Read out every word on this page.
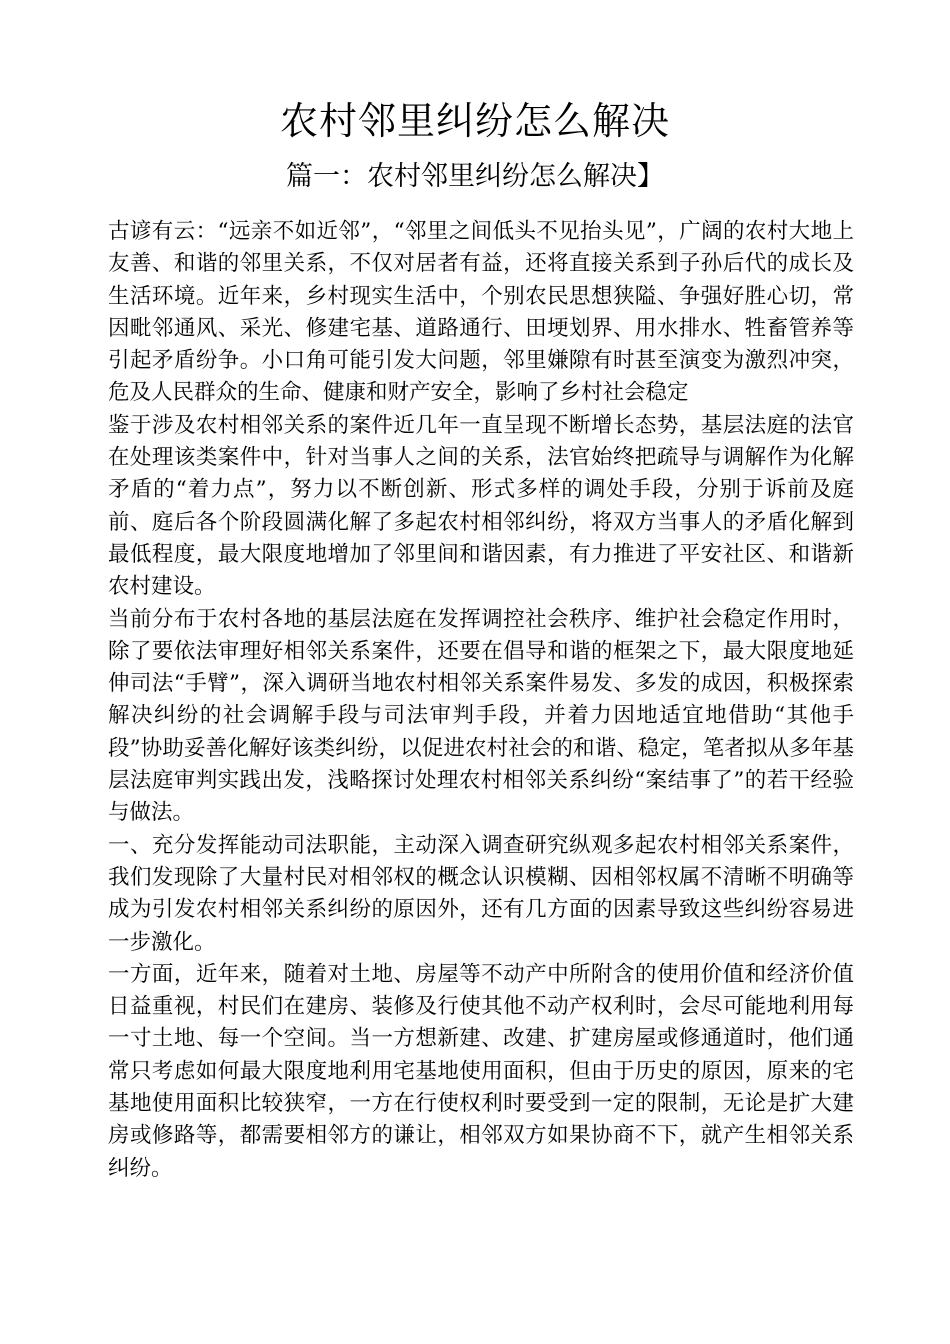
农村邻里纠纷怎么解决
篇一：农村邻里纠纷怎么解决】

古谚有云：“远亲不如近邻”，“邻里之间低头不见抬头见”，广阔的农村大地上友善、和谐的邻里关系，不仅对居者有益，还将直接关系到子孙后代的成长及生活环境。近年来，乡村现实生活中，个别农民思想狭隘、争强好胜心切，常因毗邻通风、采光、修建宅基、道路通行、田埂划界、用水排水、牲畜管养等引起矛盾纷争。小口角可能引发大问题，邻里嫌隙有时甚至演变为激烈冲突，危及人民群众的生命、健康和财产安全，影响了乡村社会稳定

鉴于涉及农村相邻关系的案件近几年一直呈现不断增长态势，基层法庭的法官在处理该类案件中，针对当事人之间的关系，法官始终把疏导与调解作为化解矛盾的“着力点”，努力以不断创新、形式多样的调处手段，分别于诉前及庭前、庭后各个阶段圆满化解了多起农村相邻纠纷，将双方当事人的矛盾化解到最低程度，最大限度地增加了邻里间和谐因素，有力推进了平安社区、和谐新农村建设。

当前分布于农村各地的基层法庭在发挥调控社会秩序、维护社会稳定作用时，除了要依法审理好相邻关系案件，还要在倡导和谐的框架之下，最大限度地延伸司法“手臂”，深入调研当地农村相邻关系案件易发、多发的成因，积极探索解决纠纷的社会调解手段与司法审判手段，并着力因地适宜地借助“其他手段”协助妥善化解好该类纠纷，以促进农村社会的和谐、稳定，笔者拟从多年基层法庭审判实践出发，浅略探讨处理农村相邻关系纠纷“案结事了”的若干经验与做法。

一、充分发挥能动司法职能，主动深入调查研究纵观多起农村相邻关系案件，我们发现除了大量村民对相邻权的概念认识模糊、因相邻权属不清晰不明确等成为引发农村相邻关系纠纷的原因外，还有几方面的因素导致这些纠纷容易进一步激化。

一方面，近年来，随着对土地、房屋等不动产中所附含的使用价值和经济价值日益重视，村民们在建房、装修及行使其他不动产权利时，会尽可能地利用每一寸土地、每一个空间。当一方想新建、改建、扩建房屋或修通道时，他们通常只考虑如何最大限度地利用宅基地使用面积，但由于历史的原因，原来的宅基地使用面积比较狭窄，一方在行使权利时要受到一定的限制，无论是扩大建房或修路等，都需要相邻方的谦让，相邻双方如果协商不下，就产生相邻关系纠纷。
